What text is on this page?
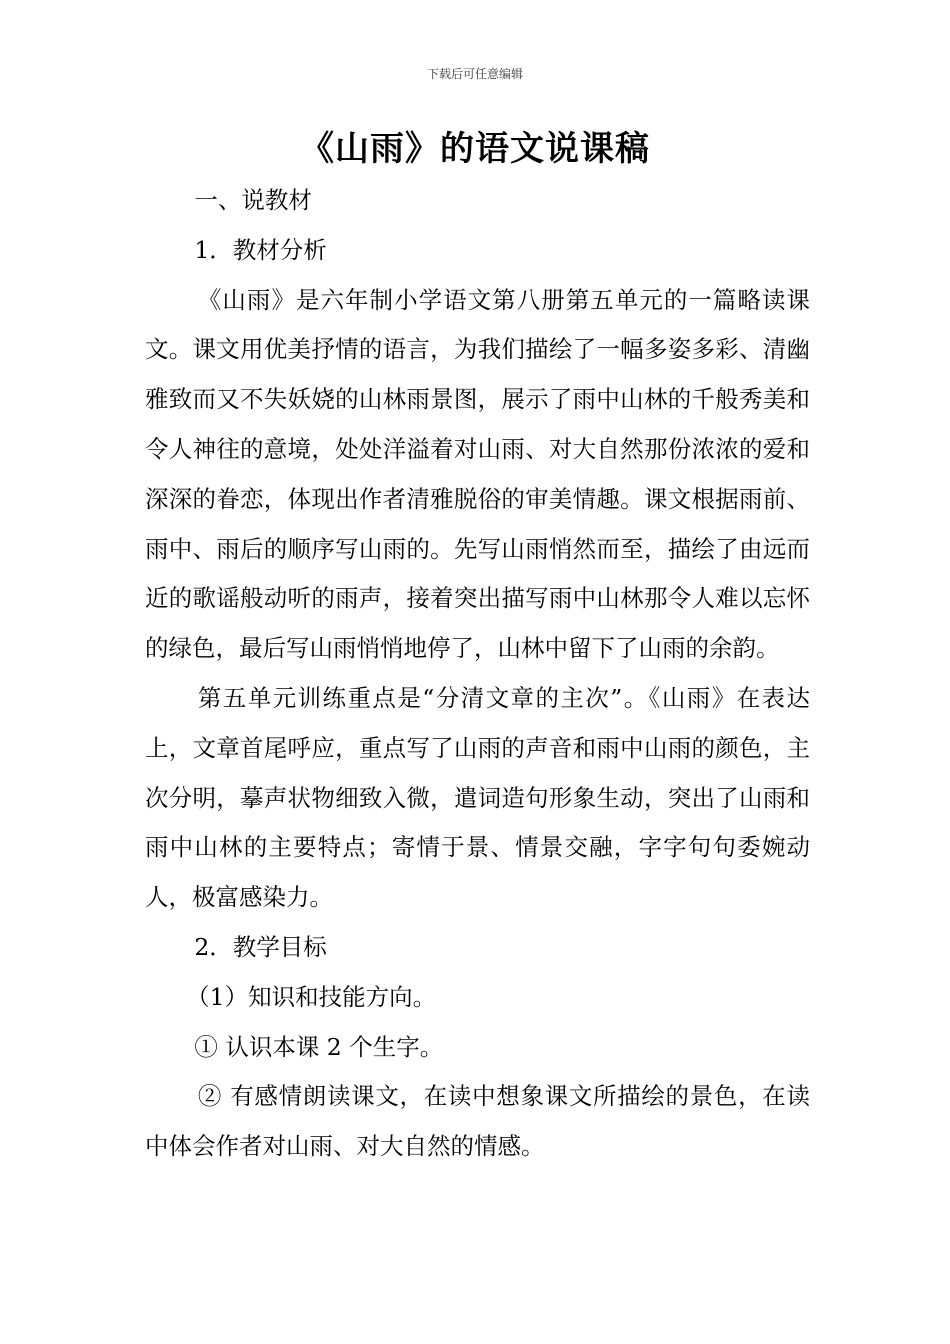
下载后可任意编辑
《山雨》的语文说课稿

一、说教材

1．教材分析

《山雨》是六年制小学语文第八册第五单元的一篇略读课文。课文用优美抒情的语言，为我们描绘了一幅多姿多彩、清幽雅致而又不失妖娆的山林雨景图，展示了雨中山林的千般秀美和令人神往的意境，处处洋溢着对山雨、对大自然那份浓浓的爱和深深的眷恋，体现出作者清雅脱俗的审美情趣。课文根据雨前、雨中、雨后的顺序写山雨的。先写山雨悄然而至，描绘了由远而近的歌谣般动听的雨声，接着突出描写雨中山林那令人难以忘怀的绿色，最后写山雨悄悄地停了，山林中留下了山雨的余韵。

第五单元训练重点是“分清文章的主次”。《山雨》在表达上，文章首尾呼应，重点写了山雨的声音和雨中山雨的颜色，主次分明，摹声状物细致入微，遣词造句形象生动，突出了山雨和雨中山林的主要特点；寄情于景、情景交融，字字句句委婉动人，极富感染力。

2．教学目标

（1）知识和技能方向。

① 认识本课 2 个生字。

② 有感情朗读课文，在读中想象课文所描绘的景色，在读中体会作者对山雨、对大自然的情感。
